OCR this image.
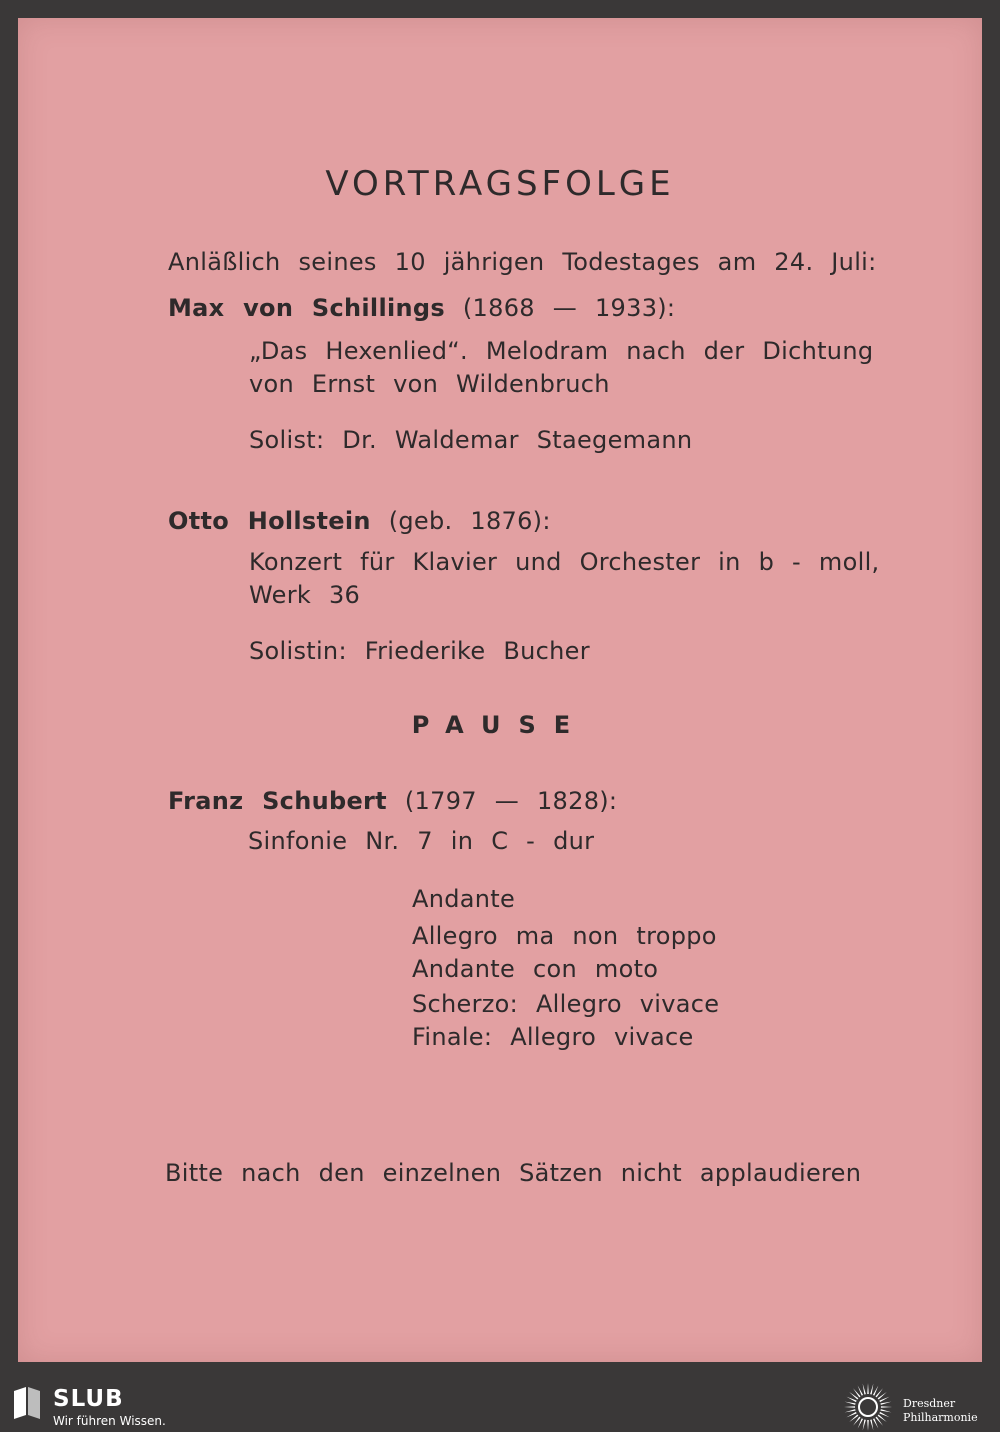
VORTRAGSFOLGE
Anläßlich seines 10 jährigen Todestages am 24. Juli:
Max von Schillings (1868 — 1933):
„Das Hexenlied“. Melodram nach der Dichtung
von Ernst von Wildenbruch
Solist: Dr. Waldemar Staegemann
Otto Hollstein (geb. 1876):
Konzert für Klavier und Orchester in b - moll,
Werk 36
Solistin: Friederike Bucher
PAUSE
Franz Schubert (1797 — 1828):
Sinfonie Nr. 7 in C - dur
Andante
Allegro ma non troppo
Andante con moto
Scherzo: Allegro vivace
Finale: Allegro vivace
Bitte nach den einzelnen Sätzen nicht applaudieren
SLUB
Wir führen Wissen.
Dresdner
Philharmonie
